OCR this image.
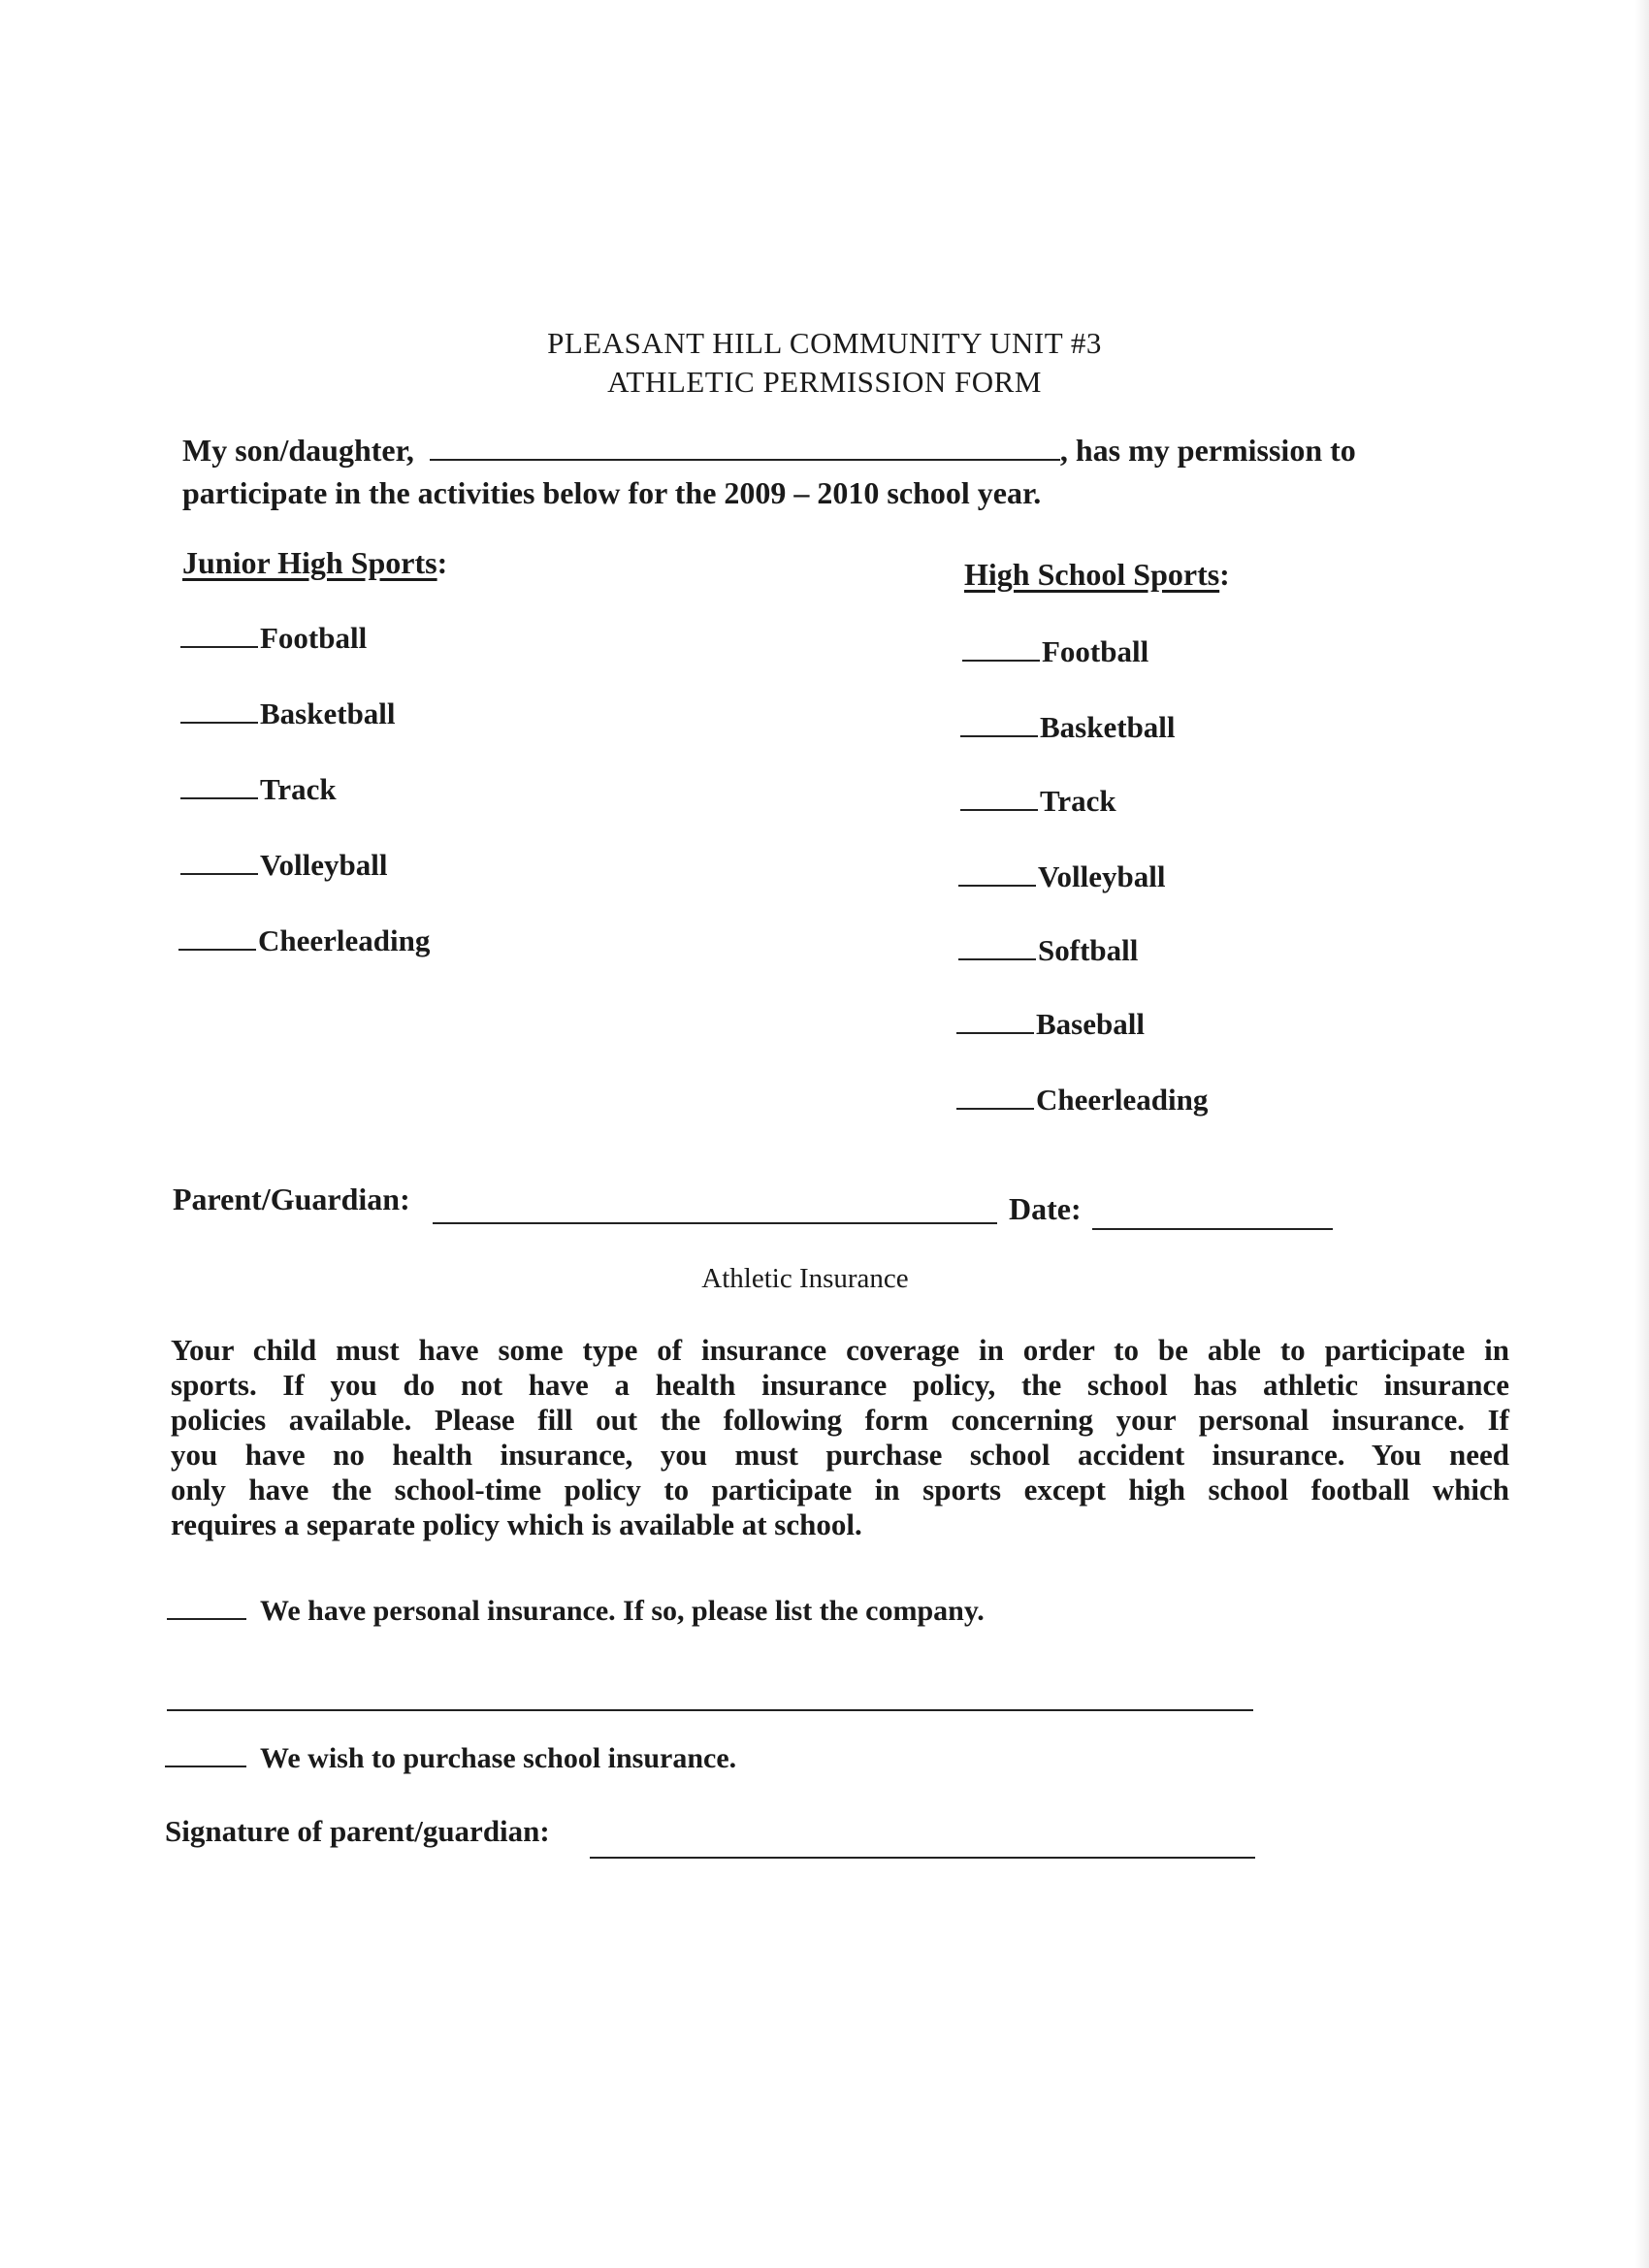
PLEASANT HILL COMMUNITY UNIT #3
ATHLETIC PERMISSION FORM
My son/daughter,	, has my permission to
participate in the activities below for the 2009 – 2010 school year.
Junior High Sports:
Football
Basketball
Track
Volleyball
Cheerleading
High School Sports:
Football
Basketball
Track
Volleyball
Softball
Baseball
Cheerleading
Parent/Guardian:	Date:
Athletic Insurance
Your child must have some type of insurance coverage in order to be able to participate in
sports. If you do not have a health insurance policy, the school has athletic insurance
policies available. Please fill out the following form concerning your personal insurance. If
you have no health insurance, you must purchase school accident insurance. You need
only have the school-time policy to participate in sports except high school football which
requires a separate policy which is available at school.
We have personal insurance. If so, please list the company.
We wish to purchase school insurance.
Signature of parent/guardian:
